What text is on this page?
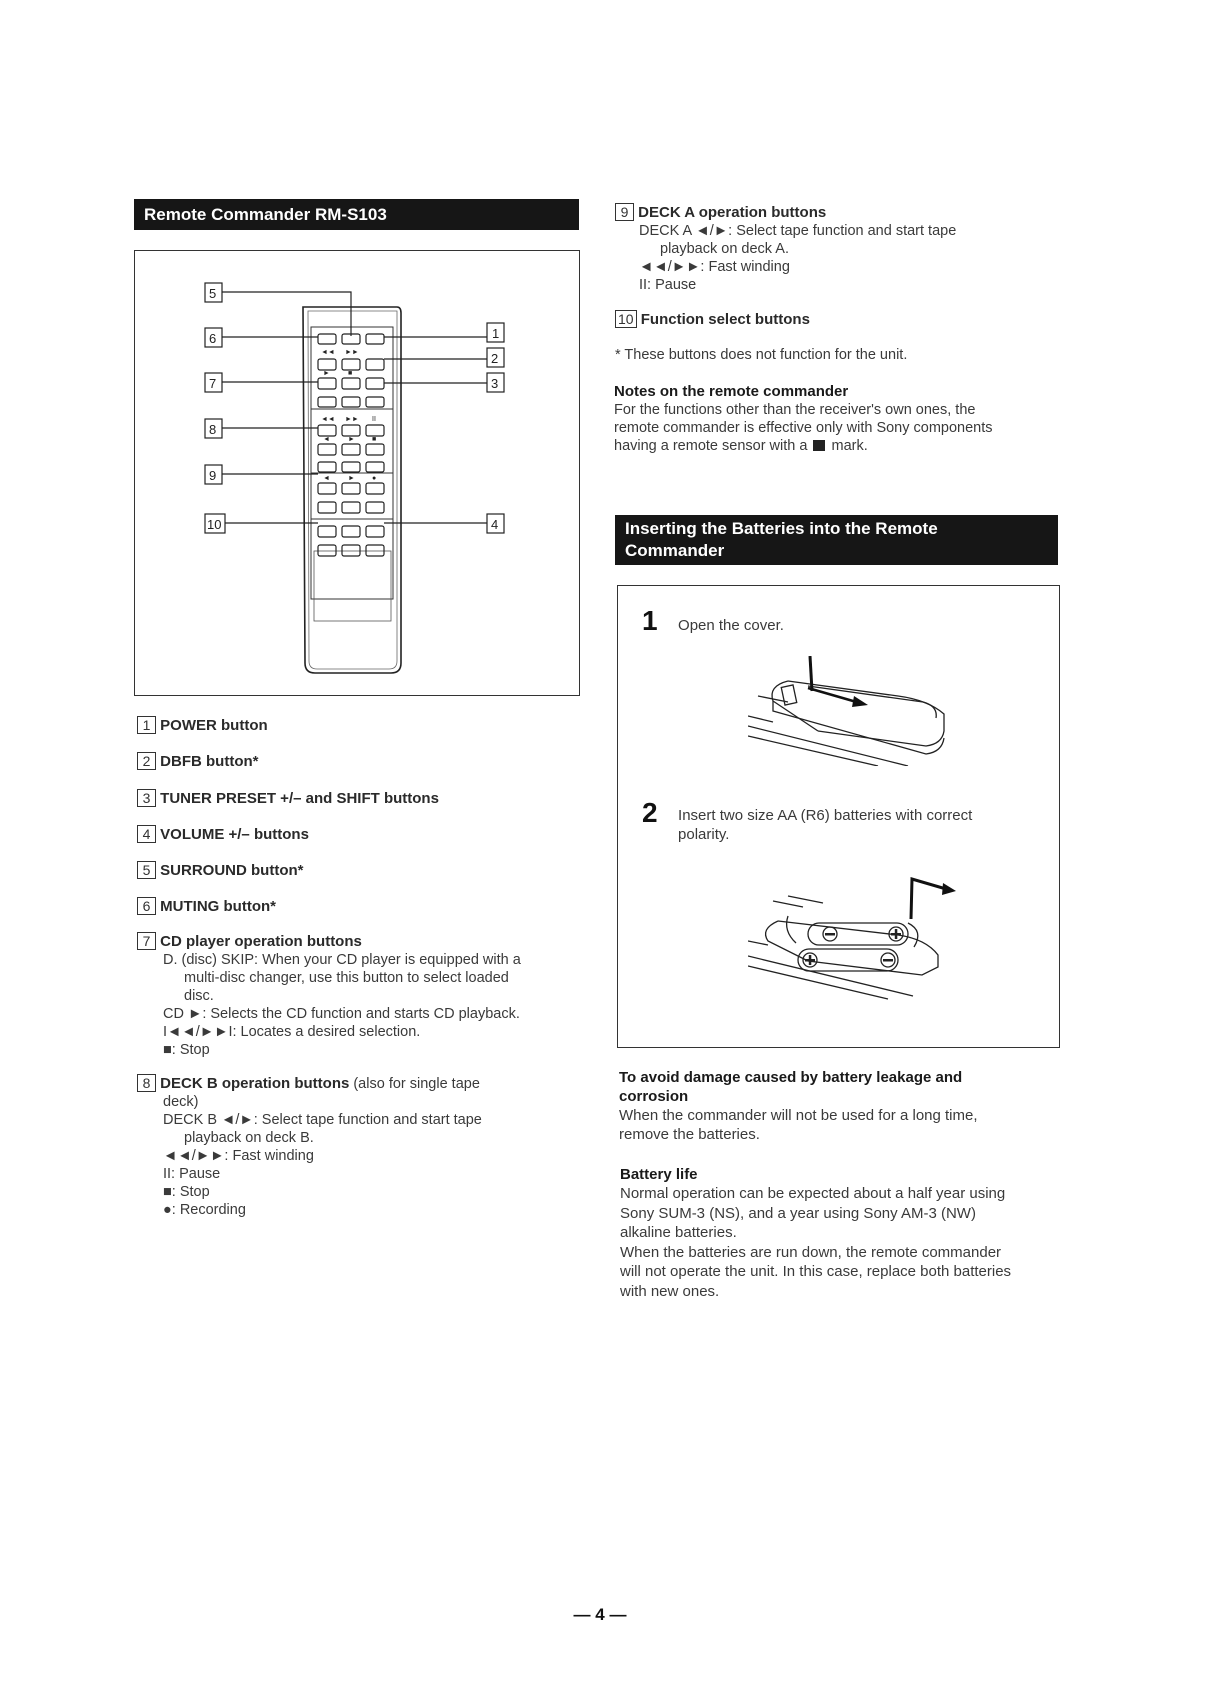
Remote Commander RM-S103
◄◄ ►►
►	■
◄◄ ►► II
◄	► ■
◄	► ●
5
6
7
8
9
10
1
2
3
4
1 POWER button
2 DBFB button*
3 TUNER PRESET +/– and SHIFT buttons
4 VOLUME +/– buttons
5 SURROUND button*
6 MUTING button*
7 CD player operation buttons
D. (disc) SKIP: When your CD player is equipped with a
multi-disc changer, use this button to select loaded
disc.
CD ►: Selects the CD function and starts CD playback.
I◄◄/►►I: Locates a desired selection.
■: Stop
8 DECK B operation buttons (also for single tape
deck)
DECK B ◄/►: Select tape function and start tape
playback on deck B.
◄◄/►►: Fast winding
II: Pause
■: Stop
●: Recording
9 DECK A operation buttons
DECK A ◄/►: Select tape function and start tape
playback on deck A.
◄◄/►►: Fast winding
II: Pause
10 Function select buttons
* These buttons does not function for the unit.
Notes on the remote commander
For the functions other than the receiver's own ones, the
remote commander is effective only with Sony components
having a remote sensor with a mark.
Inserting the Batteries into the Remote
Commander
1 Open the cover.
2 Insert two size AA (R6) batteries with correct
polarity.
To avoid damage caused by battery leakage and
corrosion
When the commander will not be used for a long time,
remove the batteries.
Battery life
Normal operation can be expected about a half year using
Sony SUM-3 (NS), and a year using Sony AM-3 (NW)
alkaline batteries.
When the batteries are run down, the remote commander
will not operate the unit. In this case, replace both batteries
with new ones.
— 4 —
